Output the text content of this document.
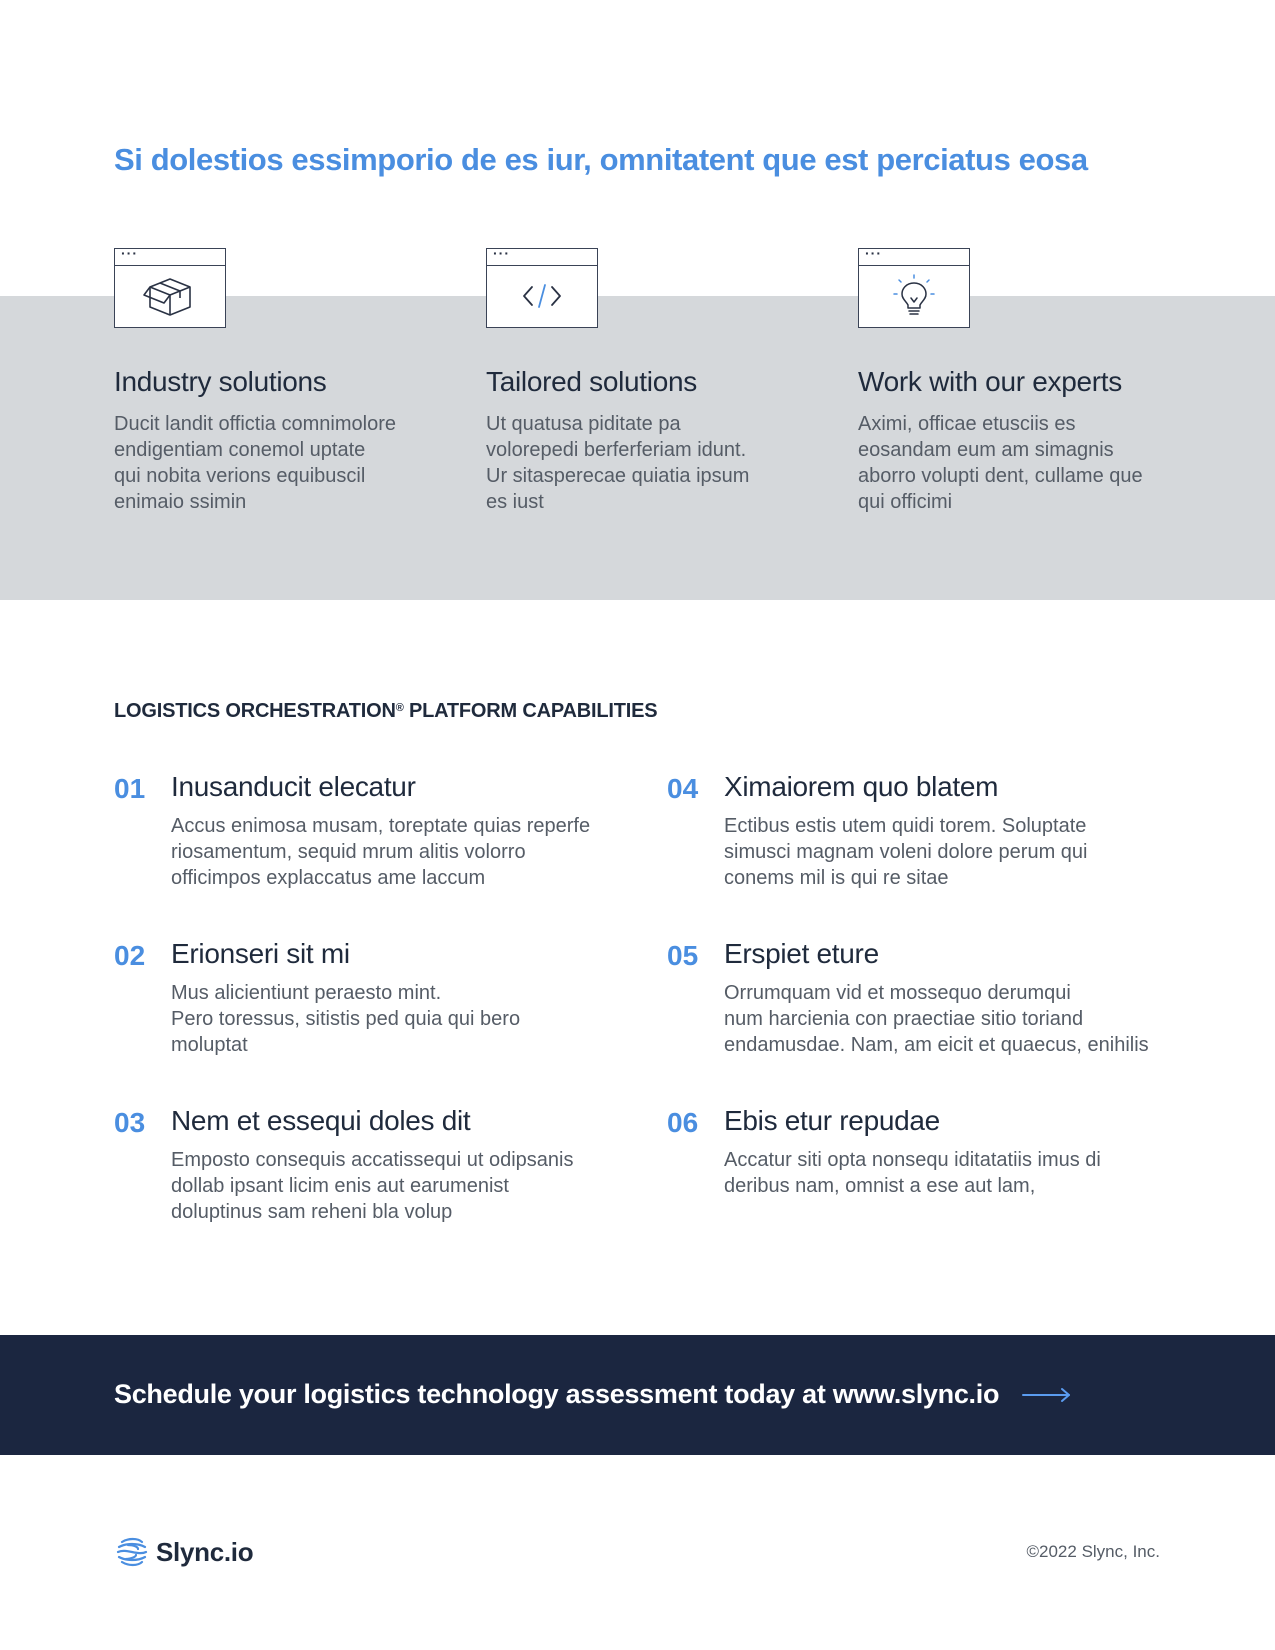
Si dolestios essimporio de es iur, omnitatent que est perciatus eosa
···
Industry solutions

Ducit landit offictia comnimolore
endigentiam conemol uptate
qui nobita verions equibuscil
enimaio ssimin

···
Tailored solutions

Ut quatusa piditate pa
volorepedi berferferiam idunt.
Ur sitasperecae quiatia ipsum
es iust

···
Work with our experts

Aximi, officae etusciis es
eosandam eum am simagnis
aborro volupti dent, cullame que
qui officimi

LOGISTICS ORCHESTRATION® PLATFORM CAPABILITIES
01 Inusanducit elecatur

Accus enimosa musam, toreptate quias reperfe
riosamentum, sequid mrum alitis volorro
officimpos explaccatus ame laccum

02 Erionseri sit mi

Mus alicientiunt peraesto mint.
Pero toressus, sitistis ped quia qui bero
moluptat

03 Nem et essequi doles dit

Emposto consequis accatissequi ut odipsanis
dollab ipsant licim enis aut earumenist
doluptinus sam reheni bla volup

04 Ximaiorem quo blatem

Ectibus estis utem quidi torem. Soluptate
simusci magnam voleni dolore perum qui
conems mil is qui re sitae

05 Erspiet eture

Orrumquam vid et mossequo derumqui
num harcienia con praectiae sitio toriand
endamusdae. Nam, am eicit et quaecus, enihilis

06 Ebis etur repudae

Accatur siti opta nonsequ iditatatiis imus di
deribus nam, omnist a ese aut lam,

Schedule your logistics technology assessment today at www.slync.io
Slync.io	©2022 Slync, Inc.
